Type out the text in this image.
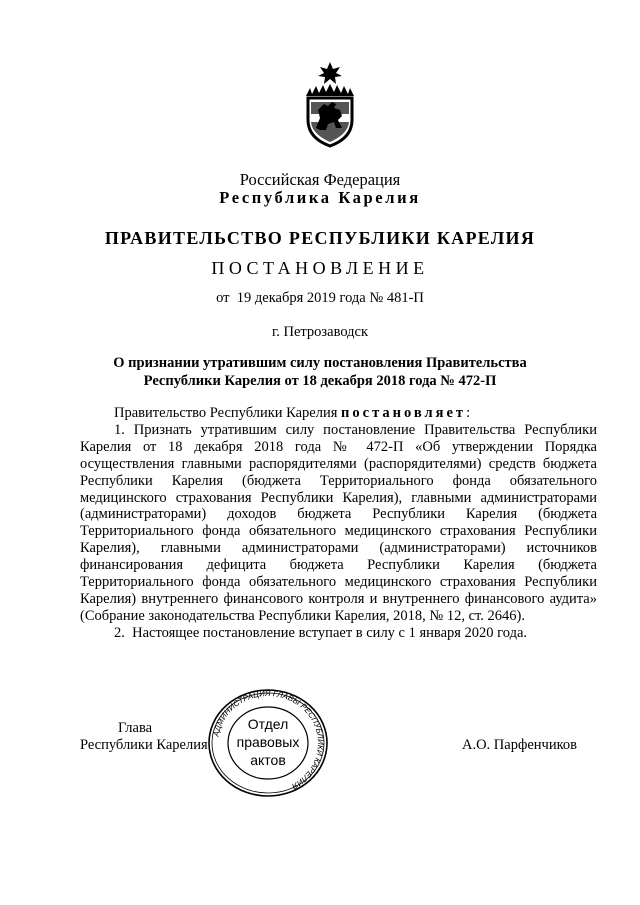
Российская Федерация
Республика Карелия
ПРАВИТЕЛЬСТВО РЕСПУБЛИКИ КАРЕЛИЯ
ПОСТАНОВЛЕНИЕ
от  19 декабря 2019 года № 481-П
г. Петрозаводск
О признании утратившим силу постановления Правительства
Республики Карелия от 18 декабря 2018 года № 472-П

Правительство Республики Карелия постановляет:

1. Признать утратившим силу постановление Правительства Республики Карелия от 18 декабря 2018 года № 472-П «Об утверждении Порядка осуществления главными распорядителями (распорядителями) средств бюджета Республики Карелия (бюджета Территориального фонда обязательного медицинского страхования Республики Карелия), главными администраторами (администраторами) доходов бюджета Республики Карелия (бюджета Территориального фонда обязательного медицинского страхования Республики Карелия), главными администраторами (администраторами) источников финансирования дефицита бюджета Республики Карелия (бюджета Территориального фонда обязательного медицинского страхования Республики Карелия) внутреннего финансового контроля и внутреннего финансового аудита» (Собрание законодательства Республики Карелия, 2018, № 12, ст. 2646).

2.  Настоящее постановление вступает в силу с 1 января 2020 года.

Глава
Республики Карелия
АДМИНИСТРАЦИЯ ГЛАВЫ РЕСПУБЛИКИ КАРЕЛИЯ
Отдел
правовых
актов
А.О. Парфенчиков
